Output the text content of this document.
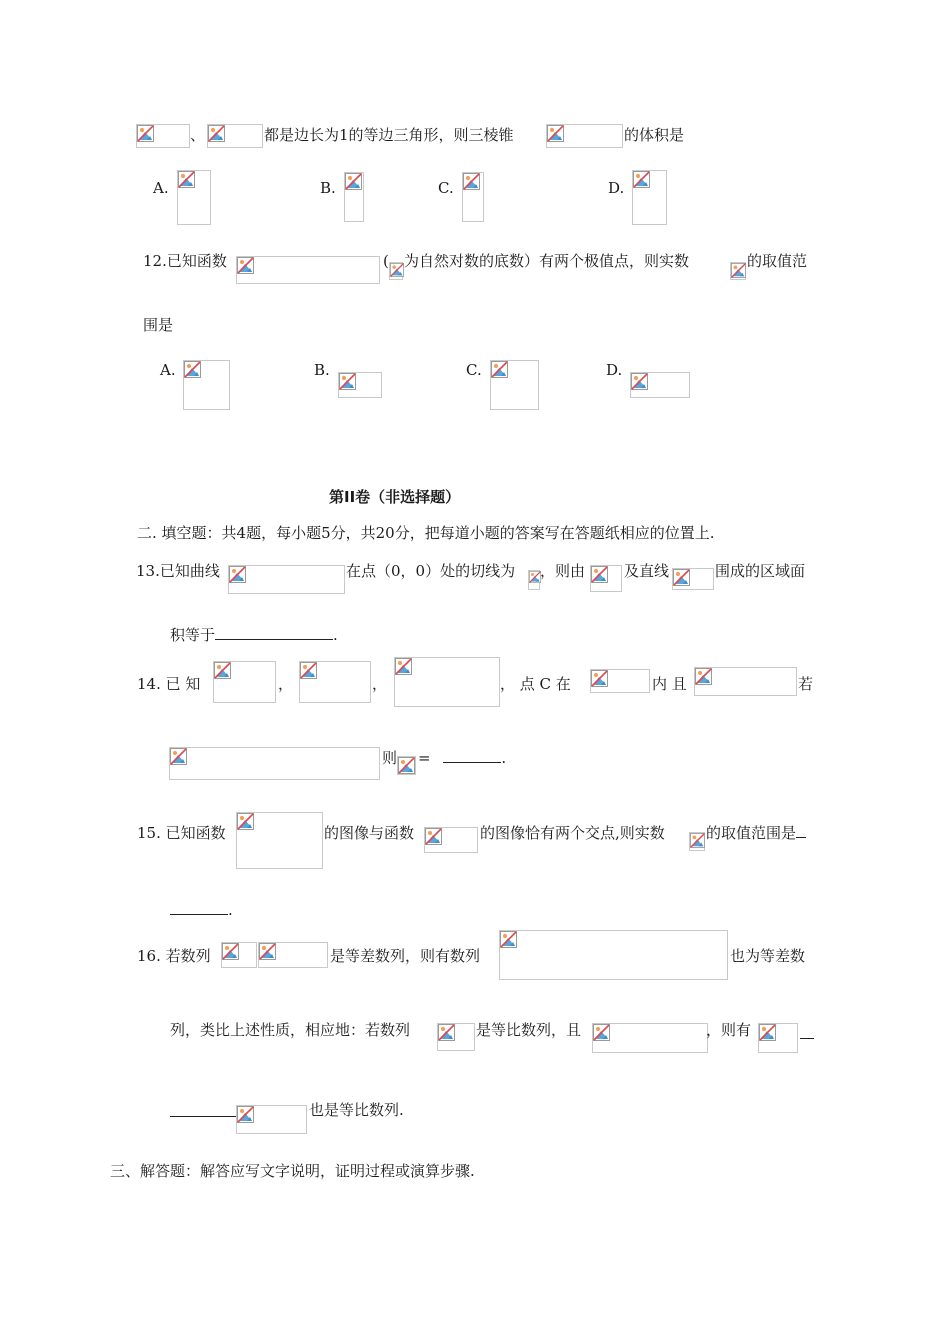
、	都是边长为1的等边三角形，则三棱锥	的体积是
A.	B.	C.	D.
12.已知函数	( 为自然对数的底数）有两个极值点，则实数	的取值范
围是
A.	B.	C.	D.
第II卷（非选择题）
二. 填空题：共4题，每小题5分，共20分，把每道小题的答案写在答题纸相应的位置上.
13.已知曲线	在点（0，0）处的切线为 ，则由	及直线	围成的区域面
积等于	.
14. 已 知	，	，	， 点 C 在	内 且	若
则 =	.
15. 已知函数	的图像与函数	的图像恰有两个交点,则实数	的取值范围是
.
16. 若数列	是等差数列，则有数列	也为等差数
列，类比上述性质，相应地：若数列	是等比数列，且	，则有
也是等比数列.
三、解答题：解答应写文字说明，证明过程或演算步骤.
